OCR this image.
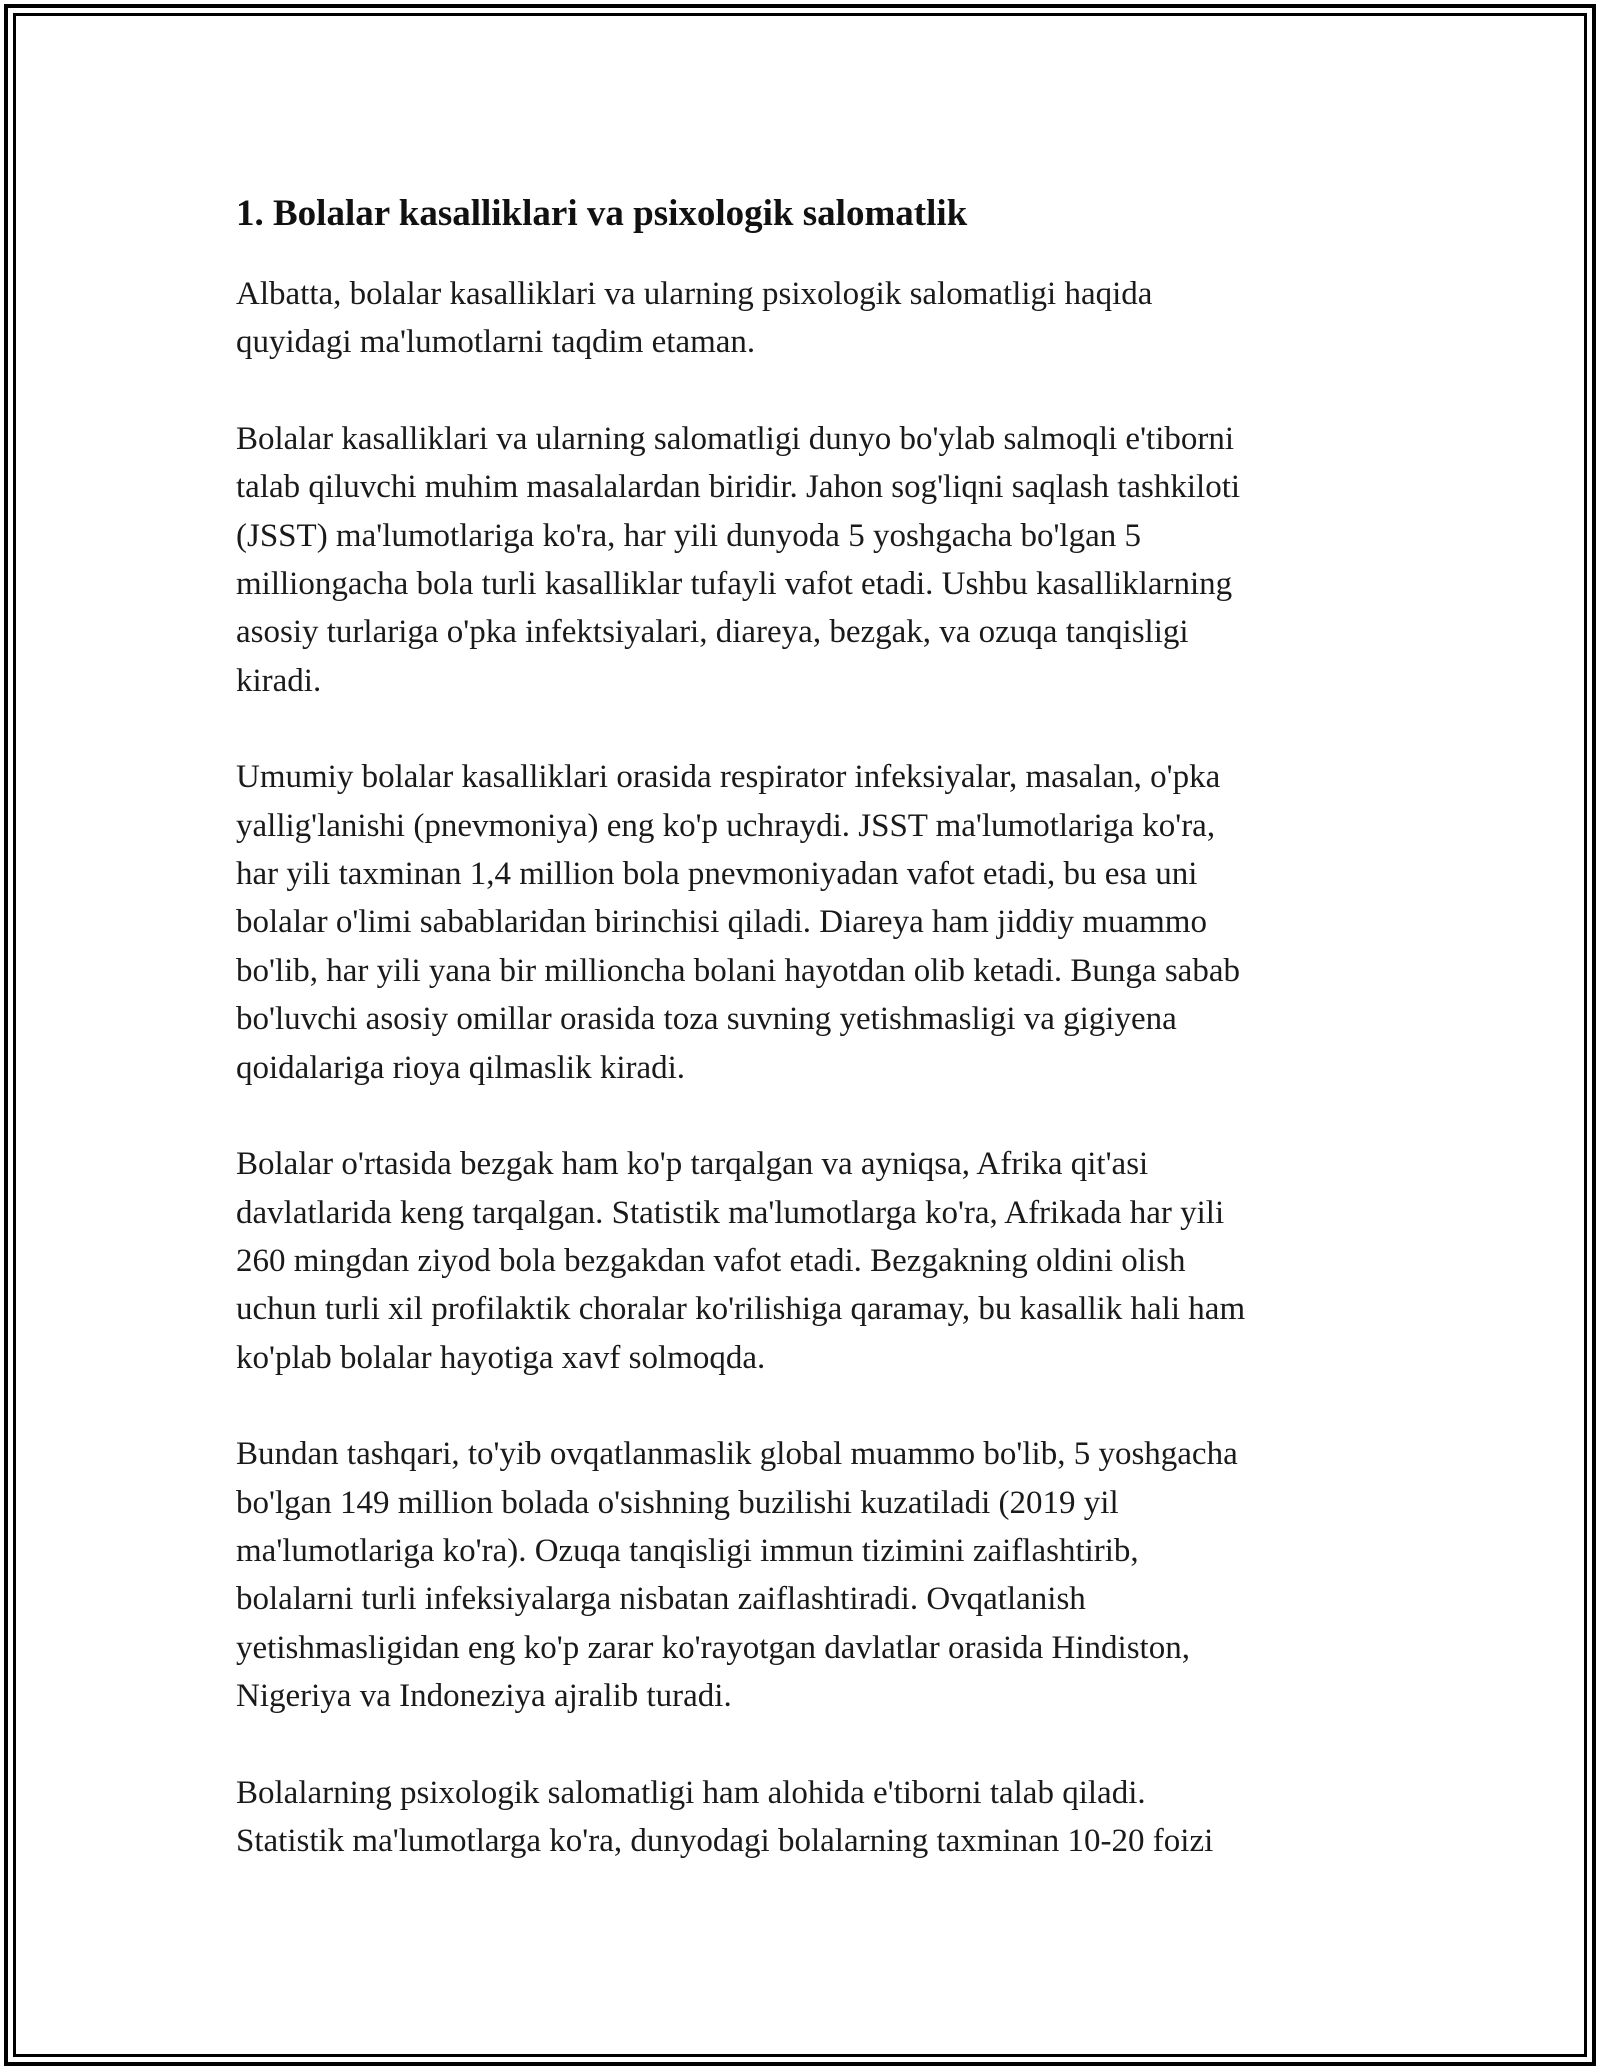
1. Bolalar kasalliklari va psixologik salomatlik

Albatta, bolalar kasalliklari va ularning psixologik salomatligi haqida
quyidagi ma'lumotlarni taqdim etaman.

Bolalar kasalliklari va ularning salomatligi dunyo bo'ylab salmoqli e'tiborni
talab qiluvchi muhim masalalardan biridir. Jahon sog'liqni saqlash tashkiloti
(JSST) ma'lumotlariga ko'ra, har yili dunyoda 5 yoshgacha bo'lgan 5
milliongacha bola turli kasalliklar tufayli vafot etadi. Ushbu kasalliklarning
asosiy turlariga o'pka infektsiyalari, diareya, bezgak, va ozuqa tanqisligi
kiradi.

Umumiy bolalar kasalliklari orasida respirator infeksiyalar, masalan, o'pka
yallig'lanishi (pnevmoniya) eng ko'p uchraydi. JSST ma'lumotlariga ko'ra,
har yili taxminan 1,4 million bola pnevmoniyadan vafot etadi, bu esa uni
bolalar o'limi sabablaridan birinchisi qiladi. Diareya ham jiddiy muammo
bo'lib, har yili yana bir millioncha bolani hayotdan olib ketadi. Bunga sabab
bo'luvchi asosiy omillar orasida toza suvning yetishmasligi va gigiyena
qoidalariga rioya qilmaslik kiradi.

Bolalar o'rtasida bezgak ham ko'p tarqalgan va ayniqsa, Afrika qit'asi
davlatlarida keng tarqalgan. Statistik ma'lumotlarga ko'ra, Afrikada har yili
260 mingdan ziyod bola bezgakdan vafot etadi. Bezgakning oldini olish
uchun turli xil profilaktik choralar ko'rilishiga qaramay, bu kasallik hali ham
ko'plab bolalar hayotiga xavf solmoqda.

Bundan tashqari, to'yib ovqatlanmaslik global muammo bo'lib, 5 yoshgacha
bo'lgan 149 million bolada o'sishning buzilishi kuzatiladi (2019 yil
ma'lumotlariga ko'ra). Ozuqa tanqisligi immun tizimini zaiflashtirib,
bolalarni turli infeksiyalarga nisbatan zaiflashtiradi. Ovqatlanish
yetishmasligidan eng ko'p zarar ko'rayotgan davlatlar orasida Hindiston,
Nigeriya va Indoneziya ajralib turadi.

Bolalarning psixologik salomatligi ham alohida e'tiborni talab qiladi.
Statistik ma'lumotlarga ko'ra, dunyodagi bolalarning taxminan 10-20 foizi
